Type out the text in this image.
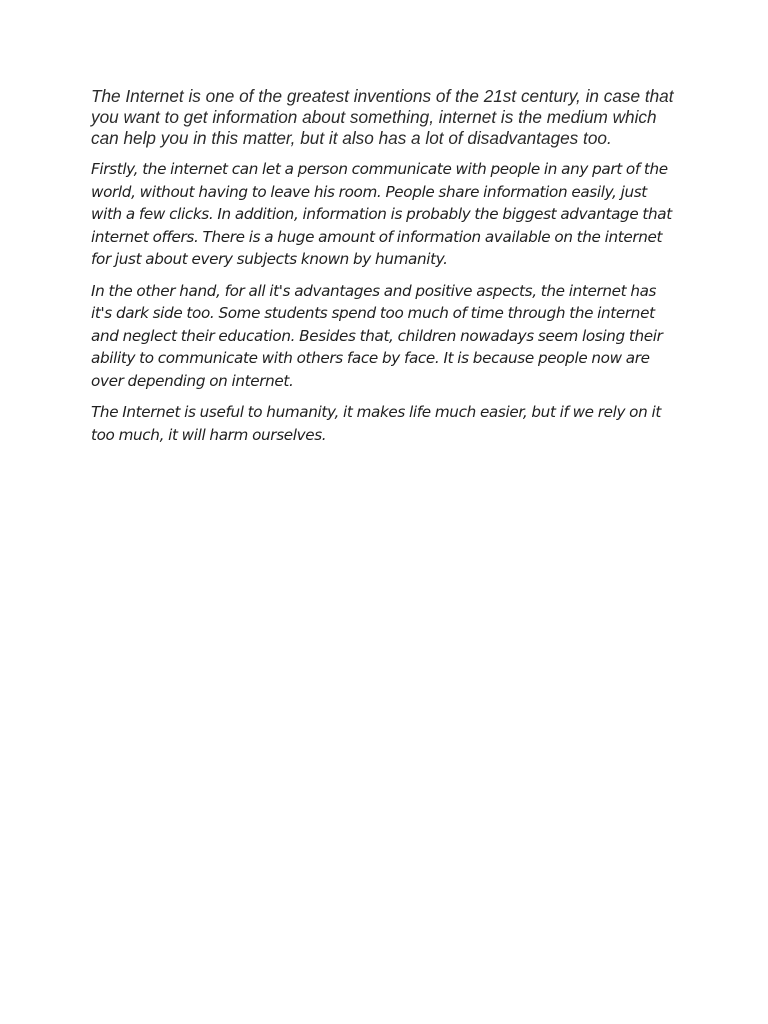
The Internet is one of the greatest inventions of the 21st century, in case that you want to get information about something, internet is the medium which can help you in this matter, but it also has a lot of disadvantages too.

Firstly, the internet can let a person communicate with people in any part of the world, without having to leave his room. People share information easily, just with a few clicks. In addition, information is probably the biggest advantage that internet offers. There is a huge amount of information available on the internet for just about every subjects known by humanity.

In the other hand, for all it's advantages and positive aspects, the internet has it's dark side too. Some students spend too much of time through the internet and neglect their education. Besides that, children nowadays seem losing their ability to communicate with others face by face. It is because people now are over depending on internet.

The Internet is useful to humanity, it makes life much easier, but if we rely on it too much, it will harm ourselves.
